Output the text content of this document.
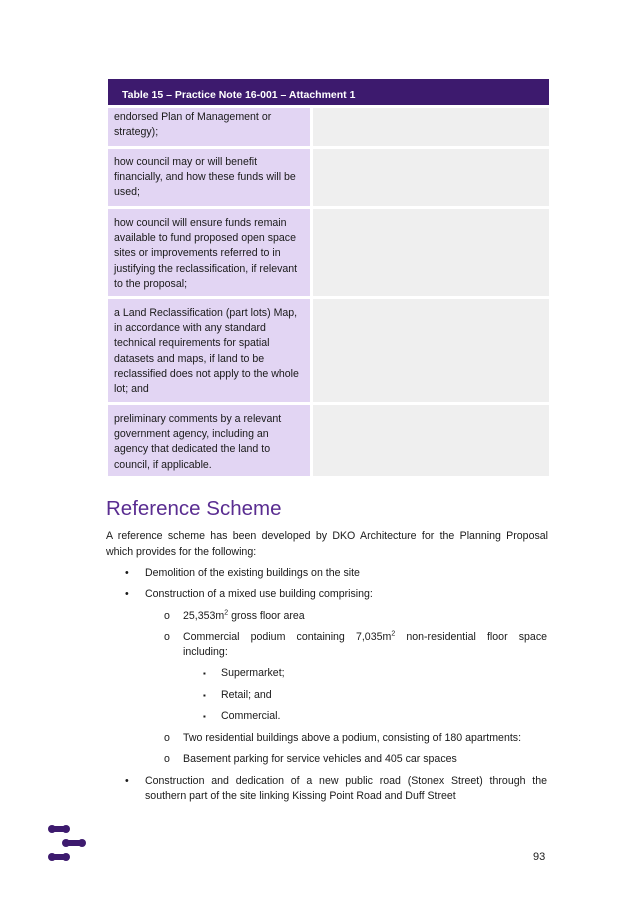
Table 15 – Practice Note 16-001 – Attachment 1
endorsed Plan of Management or strategy);
how council may or will benefit financially, and how these funds will be used;
how council will ensure funds remain available to fund proposed open space sites or improvements referred to in justifying the reclassification, if relevant to the proposal;
a Land Reclassification (part lots) Map, in accordance with any standard technical requirements for spatial datasets and maps, if land to be reclassified does not apply to the whole lot; and
preliminary comments by a relevant government agency, including an agency that dedicated the land to council, if applicable.
Reference Scheme

A reference scheme has been developed by DKO Architecture for the Planning Proposal which provides for the following:

• Demolition of the existing buildings on the site
• Construction of a mixed use building comprising:
o $25,353m^2$ gross floor area
o Commercial podium containing $7,035m^2$ non-residential floor space
including:
▪ Supermarket;
▪ Retail; and
▪ Commercial.
o Two residential buildings above a podium, consisting of 180 apartments:
o Basement parking for service vehicles and 405 car spaces
• Construction and dedication of a new public road (Stonex Street) through the
southern part of the site linking Kissing Point Road and Duff Street
93
